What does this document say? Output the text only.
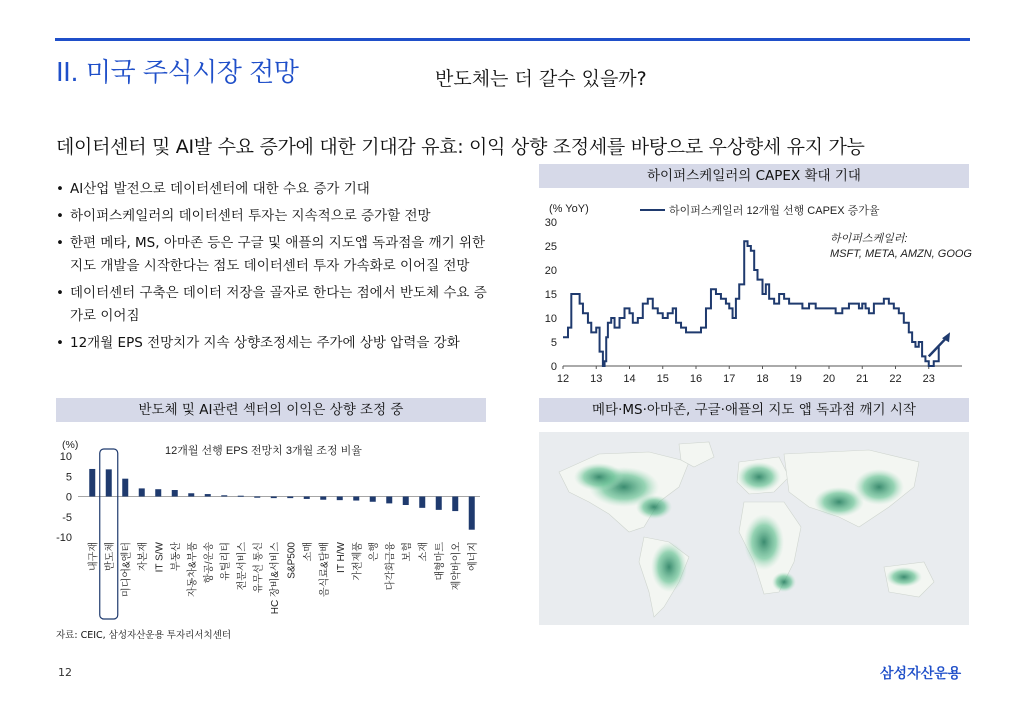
II. 미국 주식시장 전망	반도체는 더 갈수 있을까?
데이터센터 및 AI발 수요 증가에 대한 기대감 유효: 이익 상향 조정세를 바탕으로 우상향세 유지 가능
• AI산업 발전으로 데이터센터에 대한 수요 증가 기대
• 하이퍼스케일러의 데이터센터 투자는 지속적으로 증가할 전망
• 한편 메타, MS, 아마존 등은 구글 및 애플의 지도앱 독과점을 깨기 위한 지도 개발을 시작한다는 점도 데이터센터 투자 가속화로 이어질 전망
• 데이터센터 구축은 데이터 저장을 골자로 한다는 점에서 반도체 수요 증가로 이어짐
• 12개월 EPS 전망치가 지속 상향조정세는 주가에 상방 압력을 강화
하이퍼스케일러의 CAPEX 확대 기대
0
5
10
15
20
25
30
12 13 14 15 16 17 18 19 20 21 22 23
(% YoY)	하이퍼스케일러 12개월 선행 CAPEX 증가율
하이퍼스케일러:
MSFT, META, AMZN, GOOG
반도체 및 AI관련 섹터의 이익은 상향 조정 중
(%)	12개월 선행 EPS 전망치 3개월 조정 비율
10
5
0
-5
-10
내구재 반도체 미디어&엔터 자본재 IT S/W 부동산 자동차&부품 항공/운송 유틸리티 전문서비스 유무선 통신 HC 장비&서비스 S&P500 소매 음식료&담배 IT H/W 가전제품 은행 다각화금융 보험 소재 대형마트 제약바이오 에너지
메타·MS·아마존, 구글·애플의 지도 앱 독과점 깨기 시작
자료: CEIC, 삼성자산운용 투자리서치센터
12	삼성자산운용
